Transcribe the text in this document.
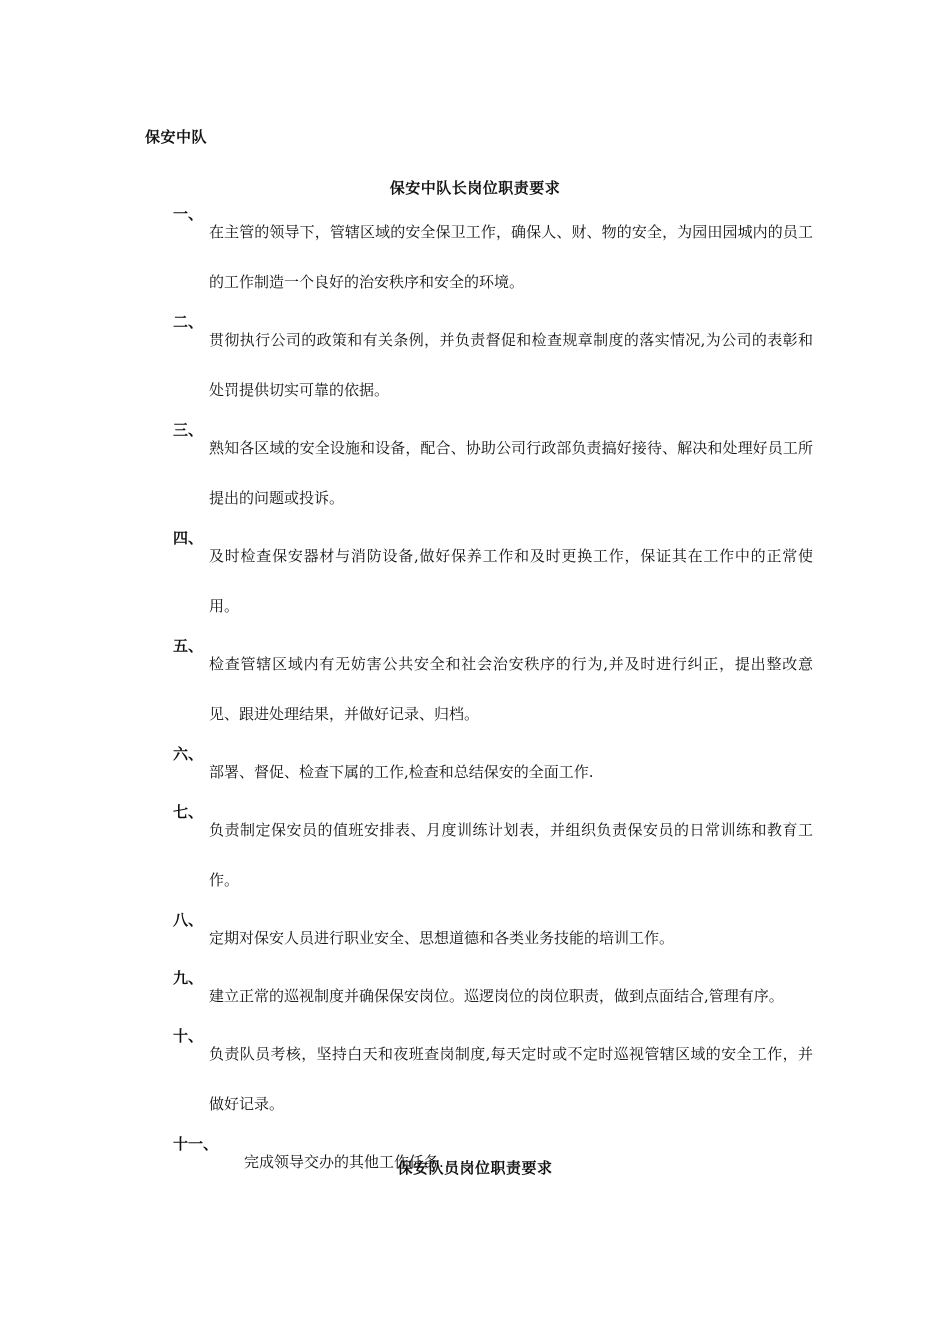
保安中队
保安中队长岗位职责要求
一、
在主管的领导下，管辖区域的安全保卫工作，确保人、财、物的安全，为园田园城内的员工的工作制造一个良好的治安秩序和安全的环境。
二、
贯彻执行公司的政策和有关条例，并负责督促和检查规章制度的落实情况,为公司的表彰和处罚提供切实可靠的依据。
三、
熟知各区域的安全设施和设备，配合、协助公司行政部负责搞好接待、解决和处理好员工所提出的问题或投诉。
四、
及时检查保安器材与消防设备,做好保养工作和及时更换工作，保证其在工作中的正常使用。
五、
检查管辖区域内有无妨害公共安全和社会治安秩序的行为,并及时进行纠正，提出整改意见、跟进处理结果，并做好记录、归档。
六、
部署、督促、检查下属的工作,检查和总结保安的全面工作.
七、
负责制定保安员的值班安排表、月度训练计划表，并组织负责保安员的日常训练和教育工作。
八、
定期对保安人员进行职业安全、思想道德和各类业务技能的培训工作。
九、
建立正常的巡视制度并确保保安岗位。巡逻岗位的岗位职责，做到点面结合,管理有序。
十、
负责队员考核，坚持白天和夜班查岗制度,每天定时或不定时巡视管辖区域的安全工作，并做好记录。
十一、
完成领导交办的其他工作任务.
保安队员岗位职责要求
